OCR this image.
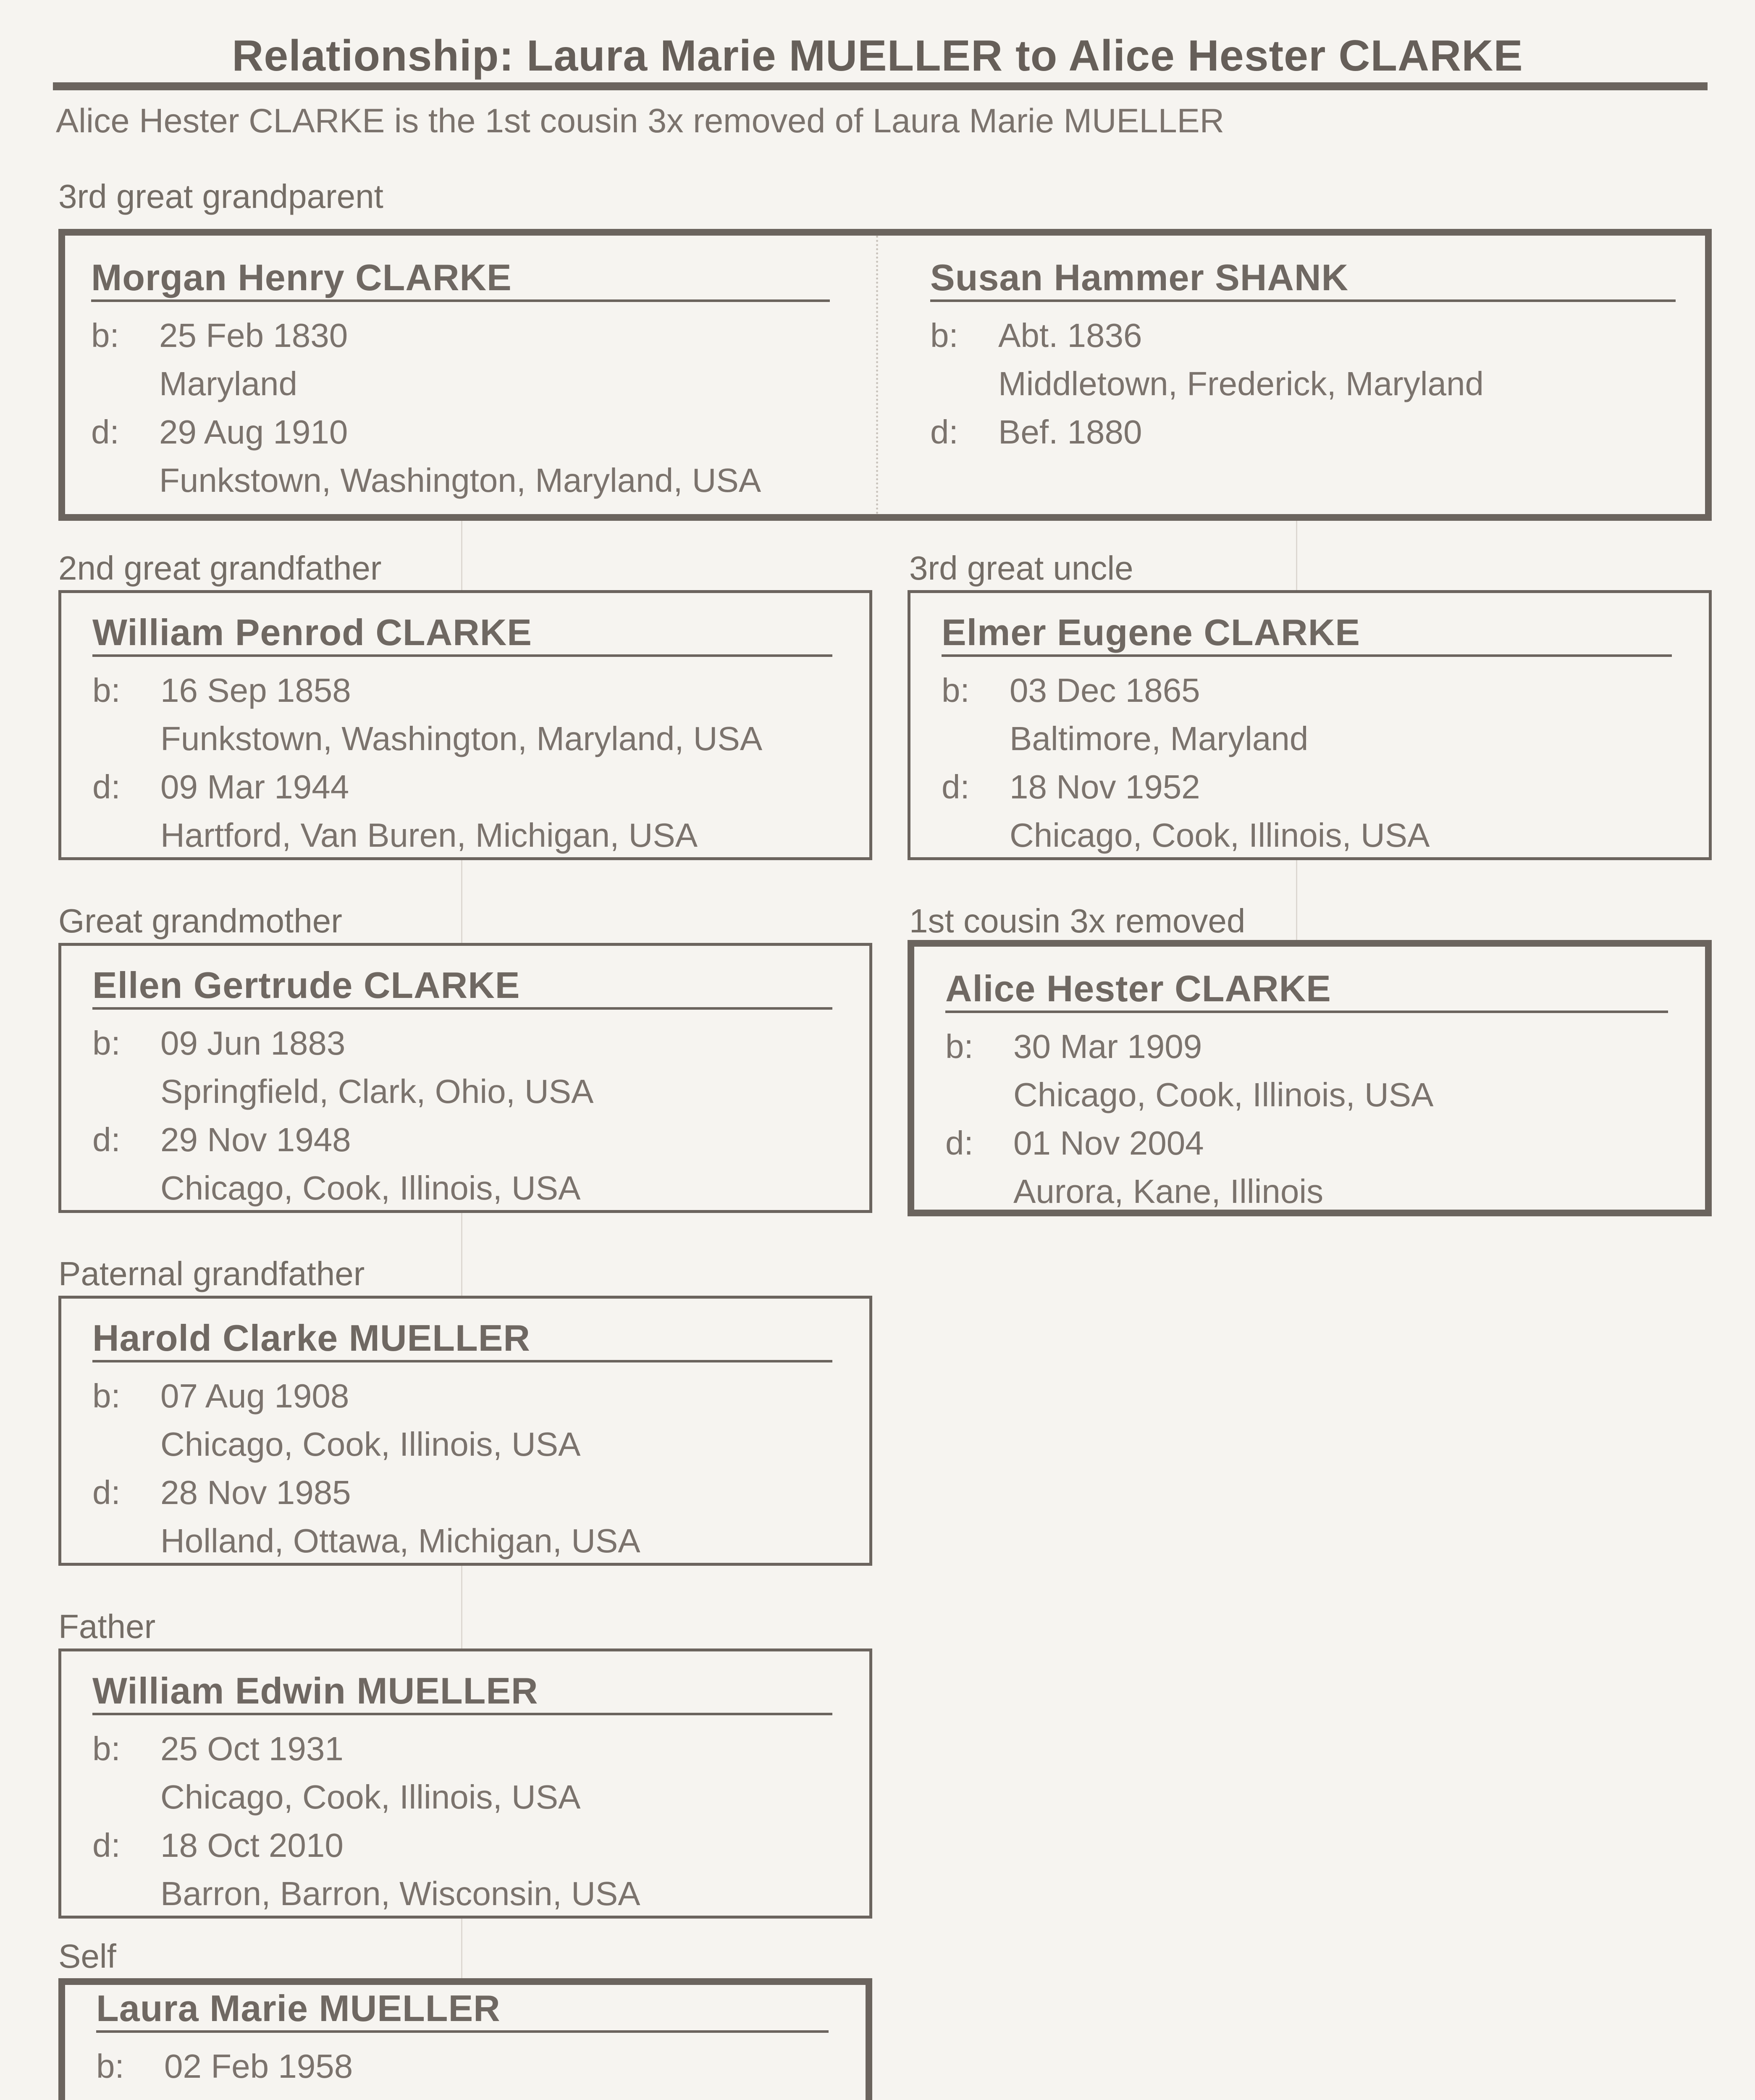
Relationship: Laura Marie MUELLER to Alice Hester CLARKE
Alice Hester CLARKE is the 1st cousin 3x removed of Laura Marie MUELLER
3rd great grandparent
Morgan Henry CLARKE
b:	25 Feb 1830
Maryland
d:	29 Aug 1910
Funkstown, Washington, Maryland, USA
Susan Hammer SHANK
b:	Abt. 1836
Middletown, Frederick, Maryland
d:	Bef. 1880
2nd great grandfather
William Penrod CLARKE
b:	16 Sep 1858
Funkstown, Washington, Maryland, USA
d:	09 Mar 1944
Hartford, Van Buren, Michigan, USA
3rd great uncle
Elmer Eugene CLARKE
b:	03 Dec 1865
Baltimore, Maryland
d:	18 Nov 1952
Chicago, Cook, Illinois, USA
Great grandmother
Ellen Gertrude CLARKE
b:	09 Jun 1883
Springfield, Clark, Ohio, USA
d:	29 Nov 1948
Chicago, Cook, Illinois, USA
1st cousin 3x removed
Alice Hester CLARKE
b:	30 Mar 1909
Chicago, Cook, Illinois, USA
d:	01 Nov 2004
Aurora, Kane, Illinois
Paternal grandfather
Harold Clarke MUELLER
b:	07 Aug 1908
Chicago, Cook, Illinois, USA
d:	28 Nov 1985
Holland, Ottawa, Michigan, USA
Father
William Edwin MUELLER
b:	25 Oct 1931
Chicago, Cook, Illinois, USA
d:	18 Oct 2010
Barron, Barron, Wisconsin, USA
Self
Laura Marie MUELLER
b:	02 Feb 1958
